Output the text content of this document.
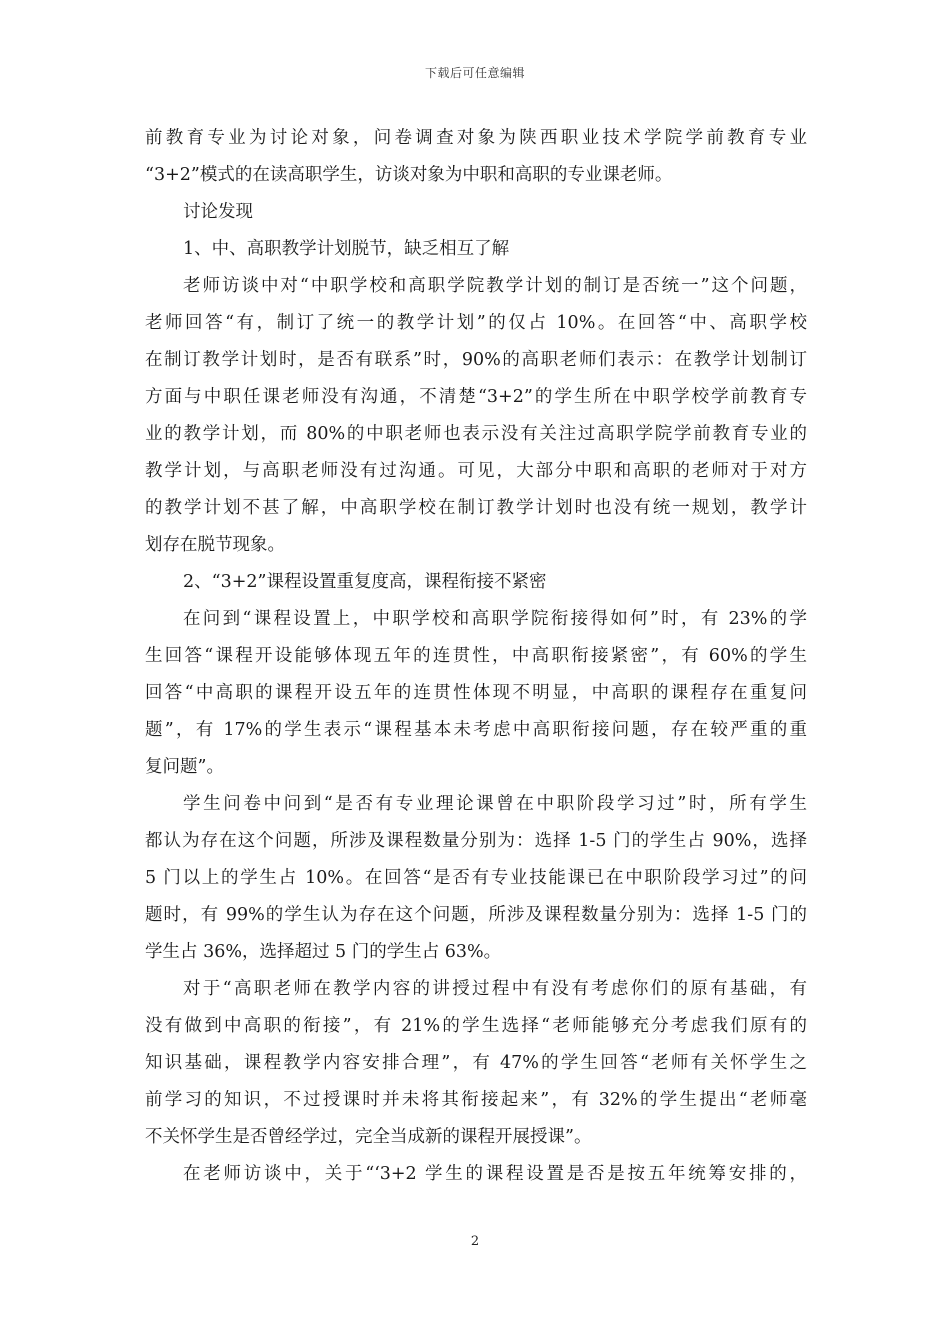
下载后可任意编辑
前教育专业为讨论对象，问卷调查对象为陕西职业技术学院学前教育专业
“3+2”模式的在读高职学生，访谈对象为中职和高职的专业课老师。
讨论发现
1、中、高职教学计划脱节，缺乏相互了解
老师访谈中对“中职学校和高职学院教学计划的制订是否统一”这个问题，
老师回答“有，制订了统一的教学计划”的仅占 10%。在回答“中、高职学校
在制订教学计划时，是否有联系”时，90%的高职老师们表示：在教学计划制订
方面与中职任课老师没有沟通，不清楚“3+2”的学生所在中职学校学前教育专
业的教学计划，而 80%的中职老师也表示没有关注过高职学院学前教育专业的
教学计划，与高职老师没有过沟通。可见，大部分中职和高职的老师对于对方
的教学计划不甚了解，中高职学校在制订教学计划时也没有统一规划，教学计
划存在脱节现象。
2、“3+2”课程设置重复度高，课程衔接不紧密
在问到“课程设置上，中职学校和高职学院衔接得如何”时，有 23%的学
生回答“课程开设能够体现五年的连贯性，中高职衔接紧密”，有 60%的学生
回答“中高职的课程开设五年的连贯性体现不明显，中高职的课程存在重复问
题”，有 17%的学生表示“课程基本未考虑中高职衔接问题，存在较严重的重
复问题”。
学生问卷中问到“是否有专业理论课曾在中职阶段学习过”时，所有学生
都认为存在这个问题，所涉及课程数量分别为：选择 1-5 门的学生占 90%，选择
5 门以上的学生占 10%。在回答“是否有专业技能课已在中职阶段学习过”的问
题时，有 99%的学生认为存在这个问题，所涉及课程数量分别为：选择 1-5 门的
学生占 36%，选择超过 5 门的学生占 63%。
对于“高职老师在教学内容的讲授过程中有没有考虑你们的原有基础，有
没有做到中高职的衔接”，有 21%的学生选择“老师能够充分考虑我们原有的
知识基础，课程教学内容安排合理”，有 47%的学生回答“老师有关怀学生之
前学习的知识，不过授课时并未将其衔接起来”，有 32%的学生提出“老师毫
不关怀学生是否曾经学过，完全当成新的课程开展授课”。
在老师访谈中，关于“‘3+2 学生的课程设置是否是按五年统筹安排的，
2
